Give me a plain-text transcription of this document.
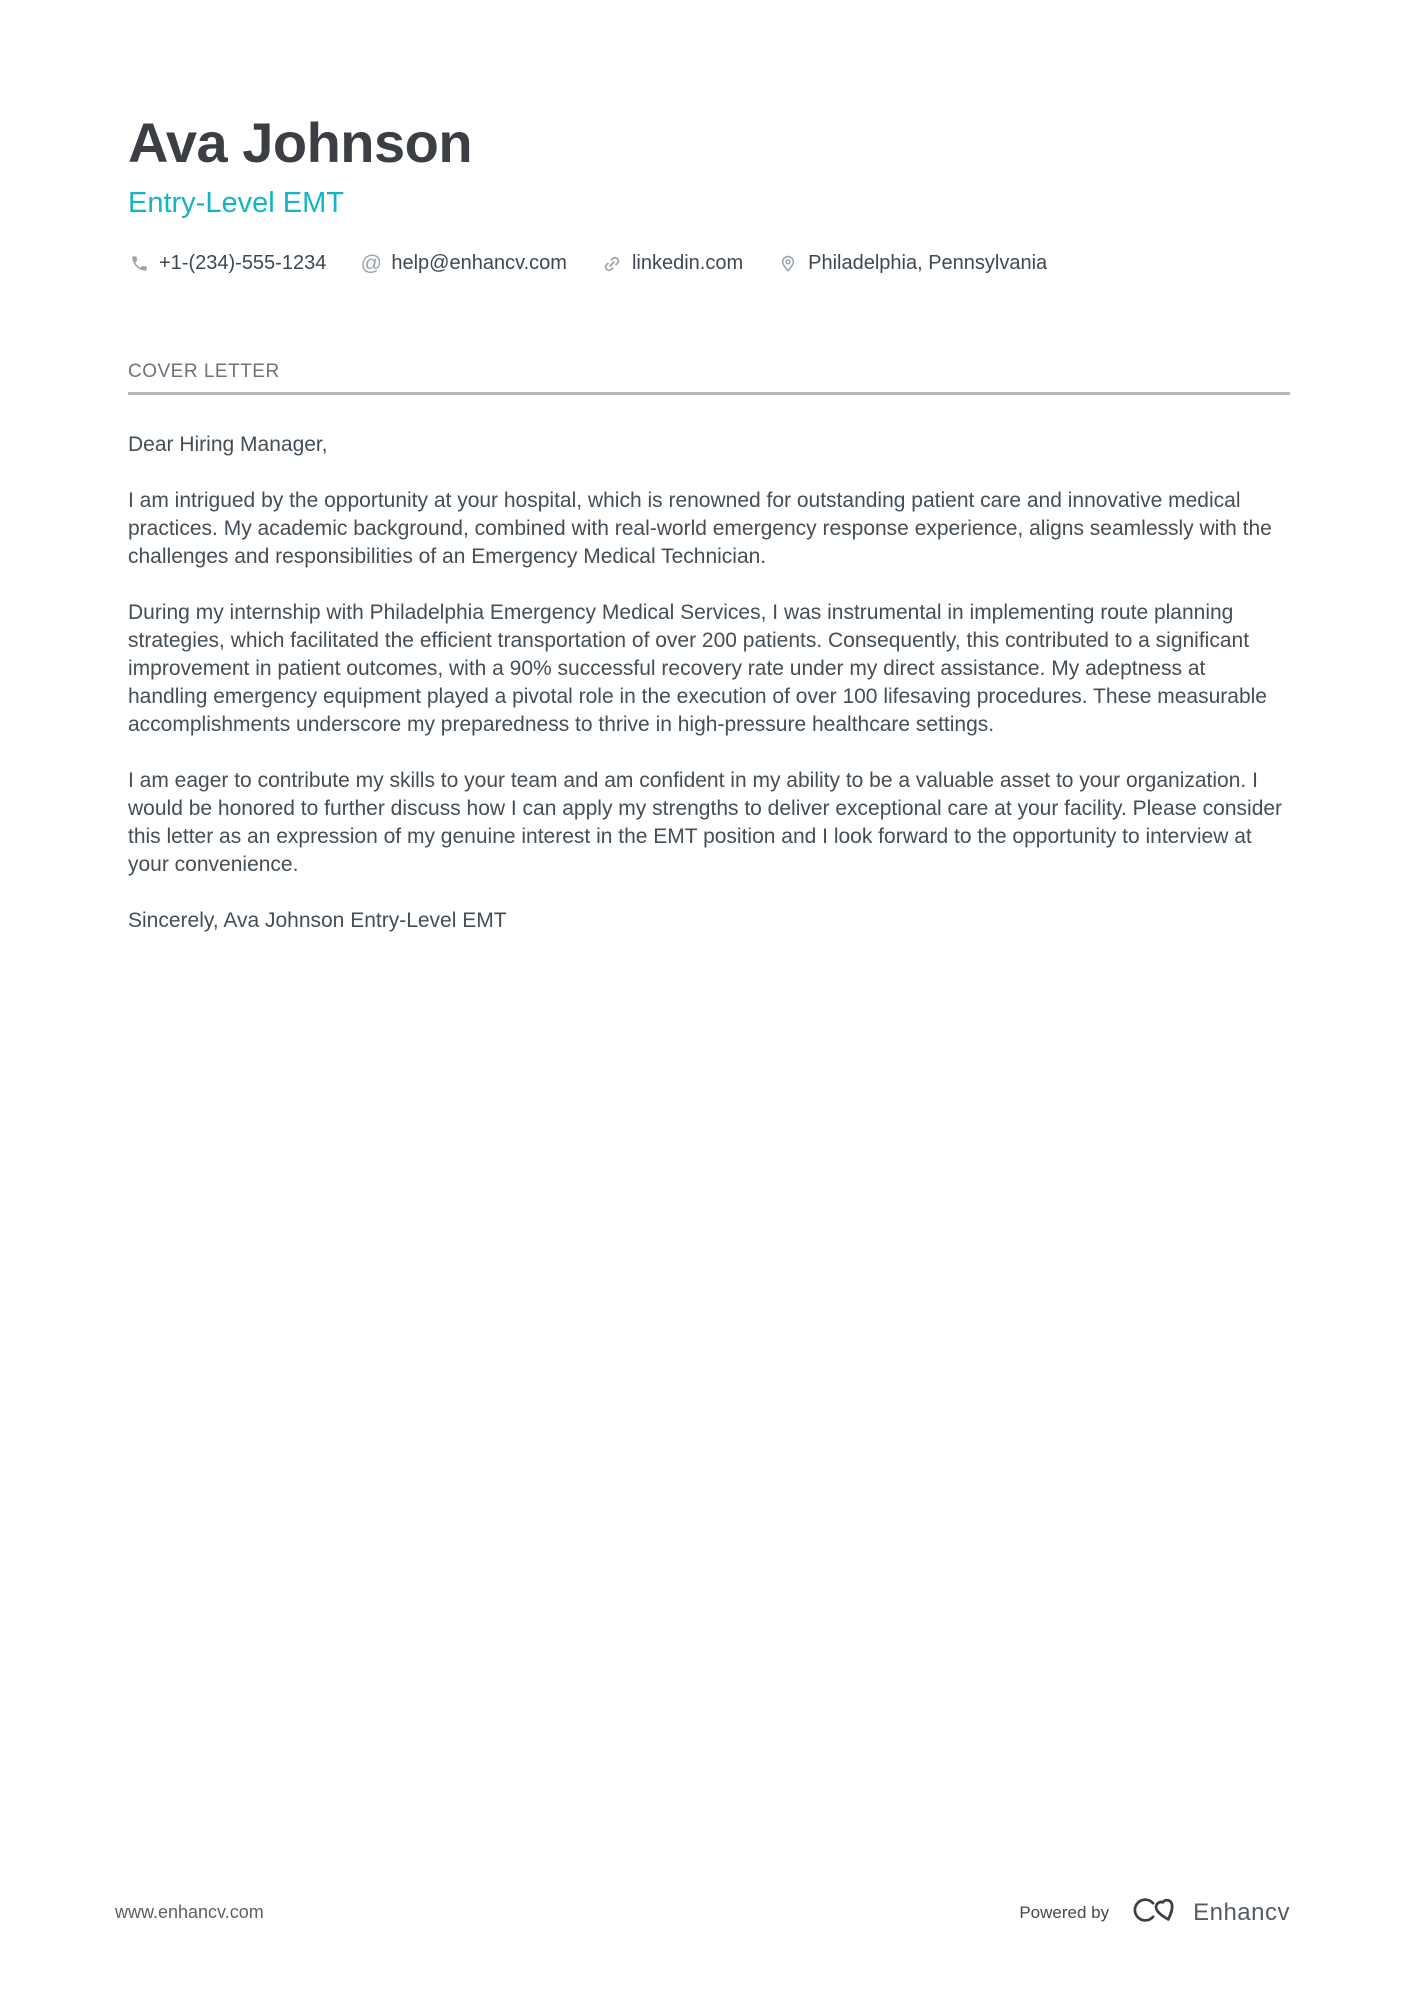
Ava Johnson
Entry-Level EMT
+1-(234)-555-1234 @ help@enhancv.com	linkedin.com	Philadelphia, Pennsylvania
COVER LETTER

Dear Hiring Manager,

I am intrigued by the opportunity at your hospital, which is renowned for outstanding patient care and innovative medical practices. My academic background, combined with real-world emergency response experience, aligns seamlessly with the challenges and responsibilities of an Emergency Medical Technician.

During my internship with Philadelphia Emergency Medical Services, I was instrumental in implementing route planning strategies, which facilitated the efficient transportation of over 200 patients. Consequently, this contributed to a significant improvement in patient outcomes, with a 90% successful recovery rate under my direct assistance. My adeptness at handling emergency equipment played a pivotal role in the execution of over 100 lifesaving procedures. These measurable accomplishments underscore my preparedness to thrive in high-pressure healthcare settings.

I am eager to contribute my skills to your team and am confident in my ability to be a valuable asset to your organization. I would be honored to further discuss how I can apply my strengths to deliver exceptional care at your facility. Please consider this letter as an expression of my genuine interest in the EMT position and I look forward to the opportunity to interview at your convenience.

Sincerely, Ava Johnson Entry-Level EMT

www.enhancv.com	Powered by	Enhancv
